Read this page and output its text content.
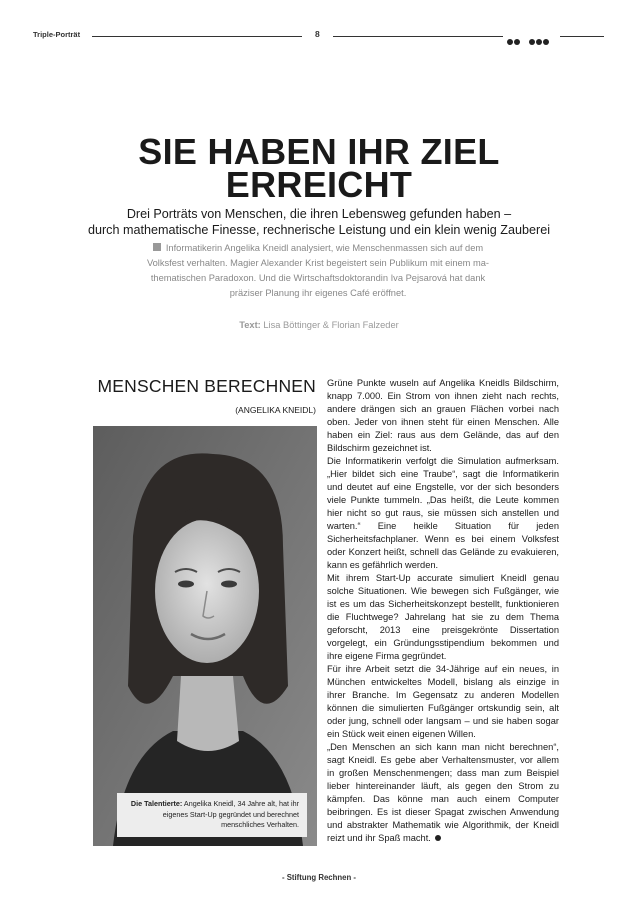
Triple-Porträt	8
SIE HABEN IHR ZIEL
ERREICHT
Drei Porträts von Menschen, die ihren Lebensweg gefunden haben –
durch mathematische Finesse, rechnerische Leistung und ein klein wenig Zauberei
Informatikerin Angelika Kneidl analysiert, wie Menschenmassen sich auf dem
Volksfest verhalten. Magier Alexander Krist begeistert sein Publikum mit einem ma-
thematischen Paradoxon. Und die Wirtschaftsdoktorandin Iva Pejsarová hat dank
präziser Planung ihr eigenes Café eröffnet.
Text: Lisa Böttinger & Florian Falzeder
MENSCHEN BERECHNEN
(ANGELIKA KNEIDL)
Die Talentierte: Angelika Kneidl, 34 Jahre alt, hat ihr eigenes Start-Up gegründet und berechnet menschliches Verhalten.

Grüne Punkte wuseln auf Angelika Kneidls Bildschirm, knapp 7.000. Ein Strom von ihnen zieht nach rechts, andere drängen sich an grauen Flächen vorbei nach oben. Jeder von ihnen steht für einen Menschen. Alle haben ein Ziel: raus aus dem Gelände, das auf den Bildschirm gezeichnet ist.

Die Informatikerin verfolgt die Simulation aufmerksam. „Hier bildet sich eine Traube“, sagt die Informatikerin und deutet auf eine Engstelle, vor der sich besonders viele Punkte tummeln. „Das heißt, die Leute kommen hier nicht so gut raus, sie müssen sich anstellen und warten.“ Eine heikle Situation für jeden Sicherheitsfachplaner. Wenn es bei einem Volksfest oder Konzert heißt, schnell das Gelände zu evakuieren, kann es gefährlich werden.

Mit ihrem Start-Up accurate simuliert Kneidl genau solche Situationen. Wie bewegen sich Fußgänger, wie ist es um das Sicherheitskonzept bestellt, funktionieren die Fluchtwege? Jahrelang hat sie zu dem Thema geforscht, 2013 eine preisgekrönte Dissertation vorgelegt, ein Gründungsstipendium bekommen und ihre eigene Firma gegründet.

Für ihre Arbeit setzt die 34-Jährige auf ein neues, in München entwickeltes Modell, bislang als einzige in ihrer Branche. Im Gegensatz zu anderen Modellen können die simulierten Fußgänger ortskundig sein, alt oder jung, schnell oder langsam – und sie haben sogar ein Stück weit einen eigenen Willen.

„Den Menschen an sich kann man nicht berechnen“, sagt Kneidl. Es gebe aber Verhaltensmuster, vor allem in großen Menschenmengen; dass man zum Beispiel lieber hintereinander läuft, als gegen den Strom zu kämpfen. Das könne man auch einem Computer beibringen. Es ist dieser Spagat zwischen Anwendung und abstrakter Mathematik wie Algorithmik, der Kneidl reizt und ihr Spaß macht.

- Stiftung Rechnen -
